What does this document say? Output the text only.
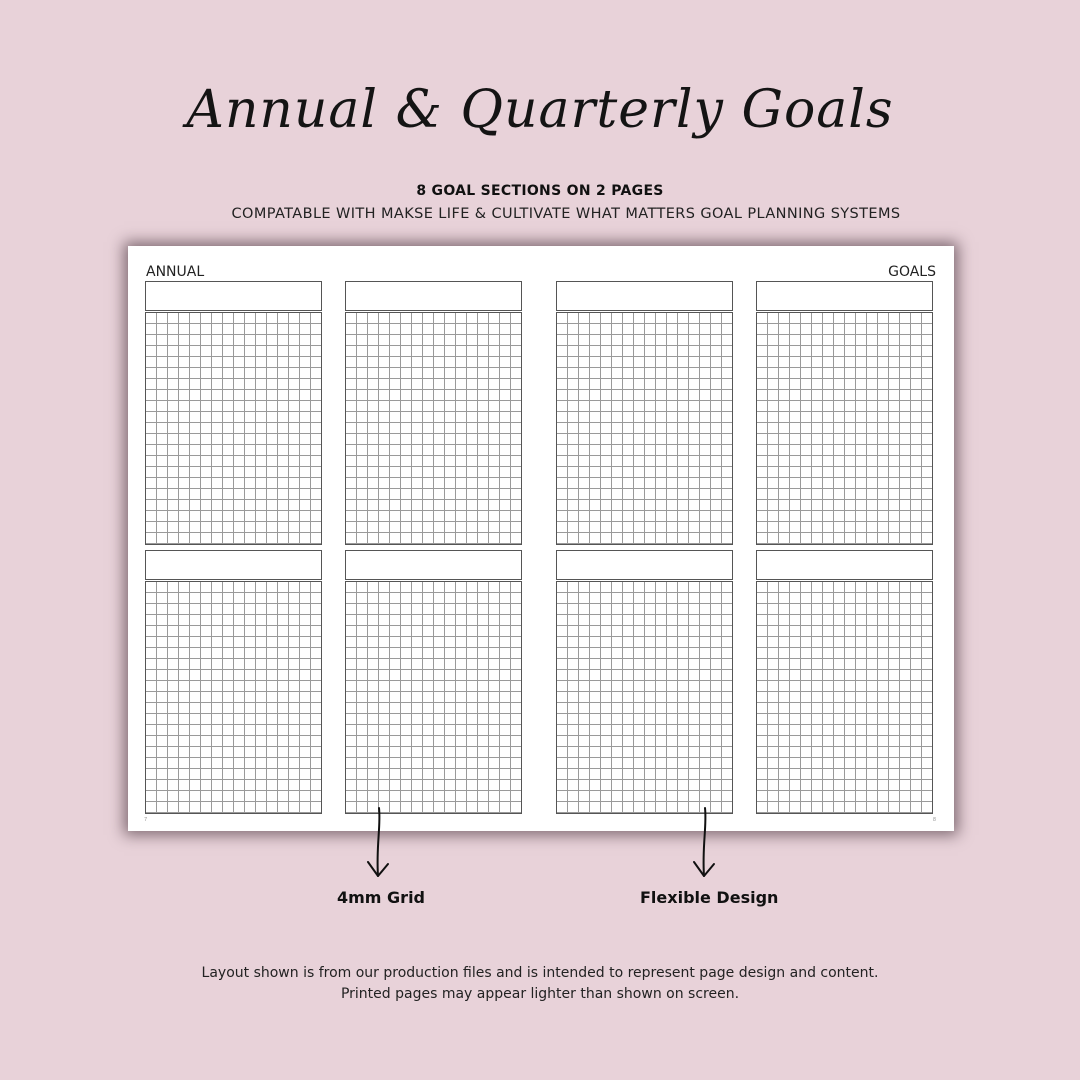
Annual & Quarterly Goals
8 GOAL SECTIONS ON 2 PAGES
COMPATABLE WITH MAKSE LIFE & CULTIVATE WHAT MATTERS GOAL PLANNING SYSTEMS
ANNUAL	GOALS
7	8
4mm Grid	Flexible Design
Layout shown is from our production files and is intended to represent page design and content.
Printed pages may appear lighter than shown on screen.
